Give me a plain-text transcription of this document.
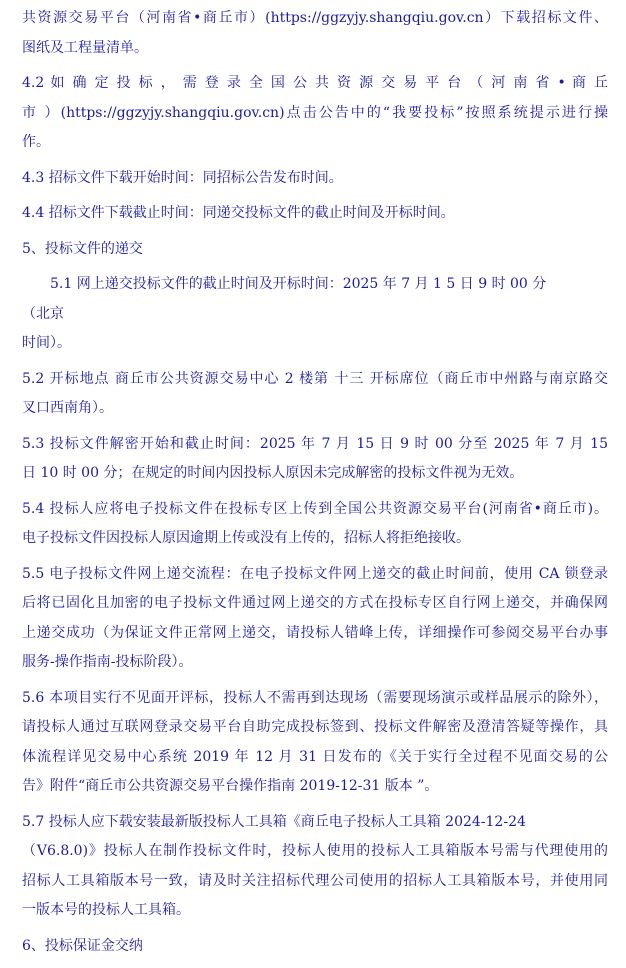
共资源交易平台（河南省•商丘市）(https://ggzyjy.shangqiu.gov.cn）下载招标文件、
图纸及工程量清单。
4.2 如 确 定 投 标 ， 需 登 录 全 国 公 共 资 源 交 易 平 台 （ 河 南 省 • 商 丘
市 ）(https://ggzyjy.shangqiu.gov.cn)点击公告中的“我要投标”按照系统提示进行操
作。
4.3 招标文件下载开始时间：同招标公告发布时间。
4.4 招标文件下载截止时间：同递交投标文件的截止时间及开标时间。
5、投标文件的递交
5.1 网上递交投标文件的截止时间及开标时间：2025 年 7 月 1 5 日 9 时 00 分
（北京
时间）。
5.2 开标地点 商丘市公共资源交易中心 2 楼第 十三 开标席位（商丘市中州路与南京路交
叉口西南角）。
5.3 投标文件解密开始和截止时间：2025 年 7 月 15 日 9 时 00 分至 2025 年 7 月 15
日 10 时 00 分；在规定的时间内因投标人原因未完成解密的投标文件视为无效。
5.4 投标人应将电子投标文件在投标专区上传到全国公共资源交易平台(河南省•商丘市)。
电子投标文件因投标人原因逾期上传或没有上传的，招标人将拒绝接收。
5.5 电子投标文件网上递交流程：在电子投标文件网上递交的截止时间前，使用 CA 锁登录
后将已固化且加密的电子投标文件通过网上递交的方式在投标专区自行网上递交，并确保网
上递交成功（为保证文件正常网上递交，请投标人错峰上传，详细操作可参阅交易平台办事
服务-操作指南-投标阶段）。
5.6 本项目实行不见面开评标，投标人不需再到达现场（需要现场演示或样品展示的除外），
请投标人通过互联网登录交易平台自助完成投标签到、投标文件解密及澄清答疑等操作，具
体流程详见交易中心系统 2019 年 12 月 31 日发布的《关于实行全过程不见面交易的公
告》附件“商丘市公共资源交易平台操作指南 2019-12-31 版本 ”。
5.7 投标人应下载安装最新版投标人工具箱《商丘电子投标人工具箱 2024-12-24
（V6.8.0)》投标人在制作投标文件时，投标人使用的投标人工具箱版本号需与代理使用的
招标人工具箱版本号一致，请及时关注招标代理公司使用的招标人工具箱版本号，并使用同
一版本号的投标人工具箱。
6、投标保证金交纳
